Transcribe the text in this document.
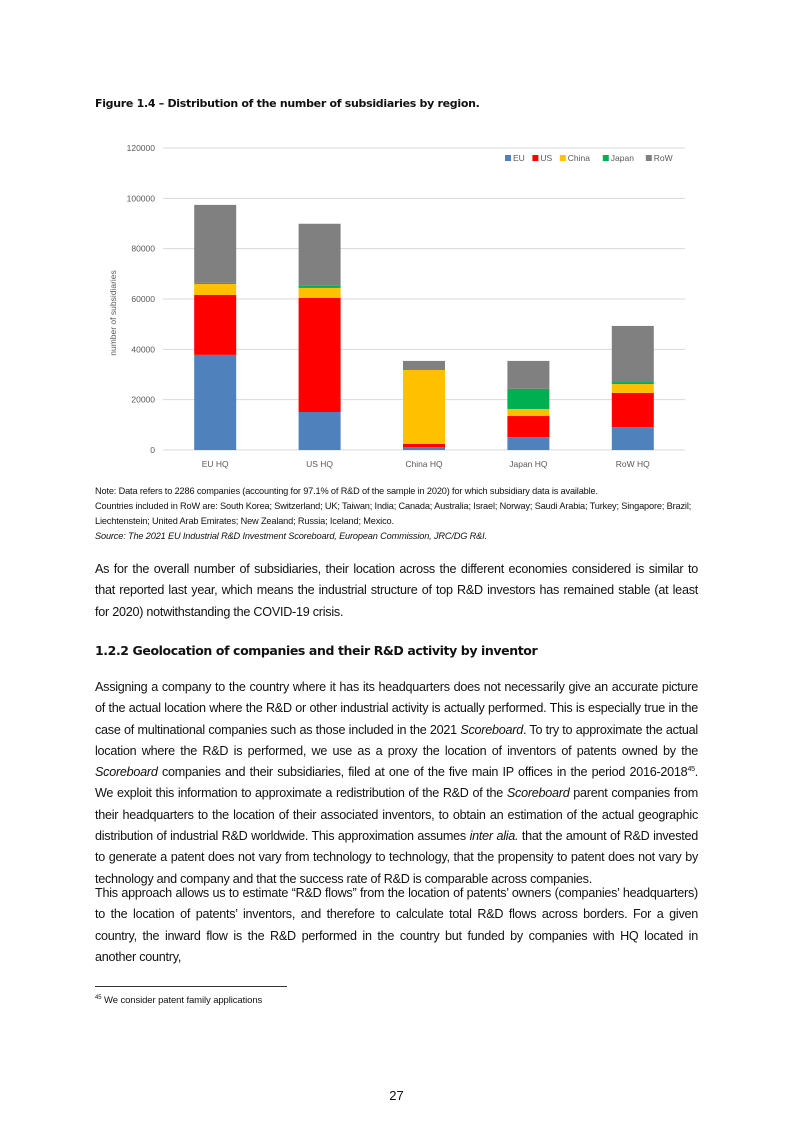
Figure 1.4 – Distribution of the number of subsidiaries by region.
0
20000
40000
60000
80000
100000
120000
EU HQ	US HQ	China HQ	Japan HQ	RoW HQ
EU US China Japan RoW
number of subsidiaries
Note: Data refers to 2286 companies (accounting for 97.1% of R&D of the sample in 2020) for which subsidiary data is available.
Countries included in RoW are: South Korea; Switzerland; UK; Taiwan; India; Canada; Australia; Israel; Norway; Saudi Arabia; Turkey; Singapore; Brazil; Liechtenstein; United Arab Emirates; New Zealand; Russia; Iceland; Mexico.
Source: The 2021 EU Industrial R&D Investment Scoreboard, European Commission, JRC/DG R&I.
As for the overall number of subsidiaries, their location across the different economies considered is similar to that reported last year, which means the industrial structure of top R&D investors has remained stable (at least for 2020) notwithstanding the COVID-19 crisis.
1.2.2 Geolocation of companies and their R&D activity by inventor
Assigning a company to the country where it has its headquarters does not necessarily give an accurate picture of the actual location where the R&D or other industrial activity is actually performed. This is especially true in the case of multinational companies such as those included in the 2021 Scoreboard. To try to approximate the actual location where the R&D is performed, we use as a proxy the location of inventors of patents owned by the Scoreboard companies and their subsidiaries, filed at one of the five main IP offices in the period 2016-2018$^{45}$. We exploit this information to approximate a redistribution of the R&D of the Scoreboard parent companies from their headquarters to the location of their associated inventors, to obtain an estimation of the actual geographic distribution of industrial R&D worldwide. This approximation assumes inter alia. that the amount of R&D invested to generate a patent does not vary from technology to technology, that the propensity to patent does not vary by technology and company and that the success rate of R&D is comparable across companies.
This approach allows us to estimate “R&D flows” from the location of patents’ owners (companies’ headquarters) to the location of patents’ inventors, and therefore to calculate total R&D flows across borders. For a given country, the inward flow is the R&D performed in the country but funded by companies with HQ located in another country,
$^{45}$ We consider patent family applications
27
